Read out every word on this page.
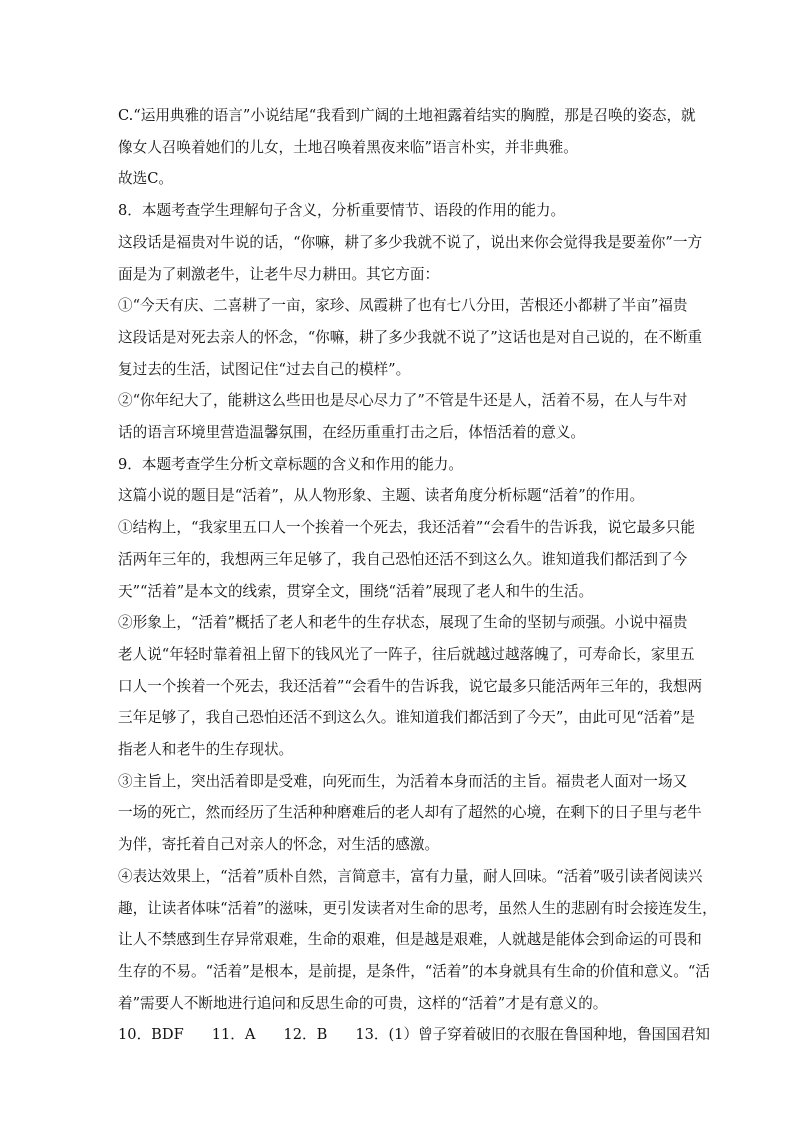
C.“运用典雅的语言”小说结尾“我看到广阔的土地袒露着结实的胸膛，那是召唤的姿态，就

像女人召唤着她们的儿女，土地召唤着黑夜来临”语言朴实，并非典雅。

故选C。

8．本题考查学生理解句子含义，分析重要情节、语段的作用的能力。

这段话是福贵对牛说的话，“你嘛，耕了多少我就不说了，说出来你会觉得我是要羞你”一方

面是为了刺激老牛，让老牛尽力耕田。其它方面：

①“今天有庆、二喜耕了一亩，家珍、凤霞耕了也有七八分田，苦根还小都耕了半亩”福贵

这段话是对死去亲人的怀念，“你嘛，耕了多少我就不说了”这话也是对自己说的，在不断重

复过去的生活，试图记住“过去自己的模样”。

②“你年纪大了，能耕这么些田也是尽心尽力了”不管是牛还是人，活着不易，在人与牛对

话的语言环境里营造温馨氛围，在经历重重打击之后，体悟活着的意义。

9．本题考查学生分析文章标题的含义和作用的能力。

这篇小说的题目是“活着”，从人物形象、主题、读者角度分析标题“活着”的作用。

①结构上，“我家里五口人一个挨着一个死去，我还活着”“会看牛的告诉我，说它最多只能

活两年三年的，我想两三年足够了，我自己恐怕还活不到这么久。谁知道我们都活到了今

天”“活着”是本文的线索，贯穿全文，围绕“活着”展现了老人和牛的生活。

②形象上，“活着”概括了老人和老牛的生存状态，展现了生命的坚韧与顽强。小说中福贵

老人说“年轻时靠着祖上留下的钱风光了一阵子，往后就越过越落魄了，可寿命长，家里五

口人一个挨着一个死去，我还活着”“会看牛的告诉我，说它最多只能活两年三年的，我想两

三年足够了，我自己恐怕还活不到这么久。谁知道我们都活到了今天”，由此可见“活着”是

指老人和老牛的生存现状。

③主旨上，突出活着即是受难，向死而生，为活着本身而活的主旨。福贵老人面对一场又

一场的死亡，然而经历了生活种种磨难后的老人却有了超然的心境，在剩下的日子里与老牛

为伴，寄托着自己对亲人的怀念，对生活的感激。

④表达效果上，“活着”质朴自然，言简意丰，富有力量，耐人回味。“活着”吸引读者阅读兴

趣，让读者体味“活着”的滋味，更引发读者对生命的思考，虽然人生的悲剧有时会接连发生，

让人不禁感到生存异常艰难，生命的艰难，但是越是艰难，人就越是能体会到命运的可畏和

生存的不易。“活着”是根本，是前提，是条件，“活着”的本身就具有生命的价值和意义。“活

着”需要人不断地进行追问和反思生命的可贵，这样的“活着”才是有意义的。

10．BDF 11．A 12．B 13．(1）曾子穿着破旧的衣服在鲁国种地，鲁国国君知
